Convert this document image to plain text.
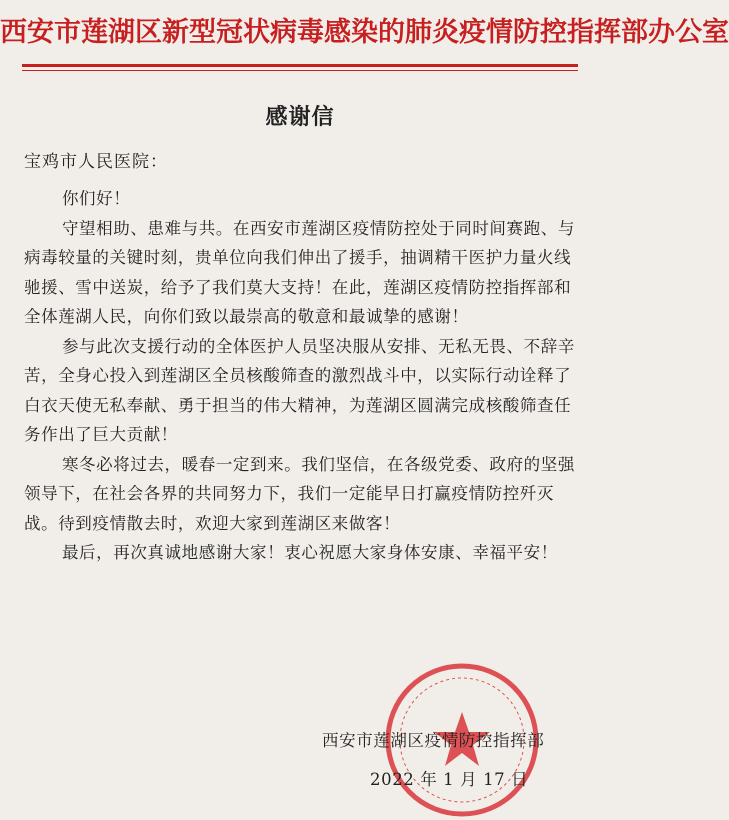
西安市莲湖区新型冠状病毒感染的肺炎疫情防控指挥部办公室
感谢信
宝鸡市人民医院：

你们好！

守望相助、患难与共。在西安市莲湖区疫情防控处于同时间赛跑、与病毒较量的关键时刻，贵单位向我们伸出了援手，抽调精干医护力量火线驰援、雪中送炭，给予了我们莫大支持！在此，莲湖区疫情防控指挥部和全体莲湖人民，向你们致以最崇高的敬意和最诚挚的感谢！

参与此次支援行动的全体医护人员坚决服从安排、无私无畏、不辞辛苦，全身心投入到莲湖区全员核酸筛查的激烈战斗中，以实际行动诠释了白衣天使无私奉献、勇于担当的伟大精神，为莲湖区圆满完成核酸筛查任务作出了巨大贡献！

寒冬必将过去，暖春一定到来。我们坚信，在各级党委、政府的坚强领导下，在社会各界的共同努力下，我们一定能早日打赢疫情防控歼灭战。待到疫情散去时，欢迎大家到莲湖区来做客！

最后，再次真诚地感谢大家！衷心祝愿大家身体安康、幸福平安！

西安市莲湖区疫情防控指挥部
2022 年 1 月 17 日
